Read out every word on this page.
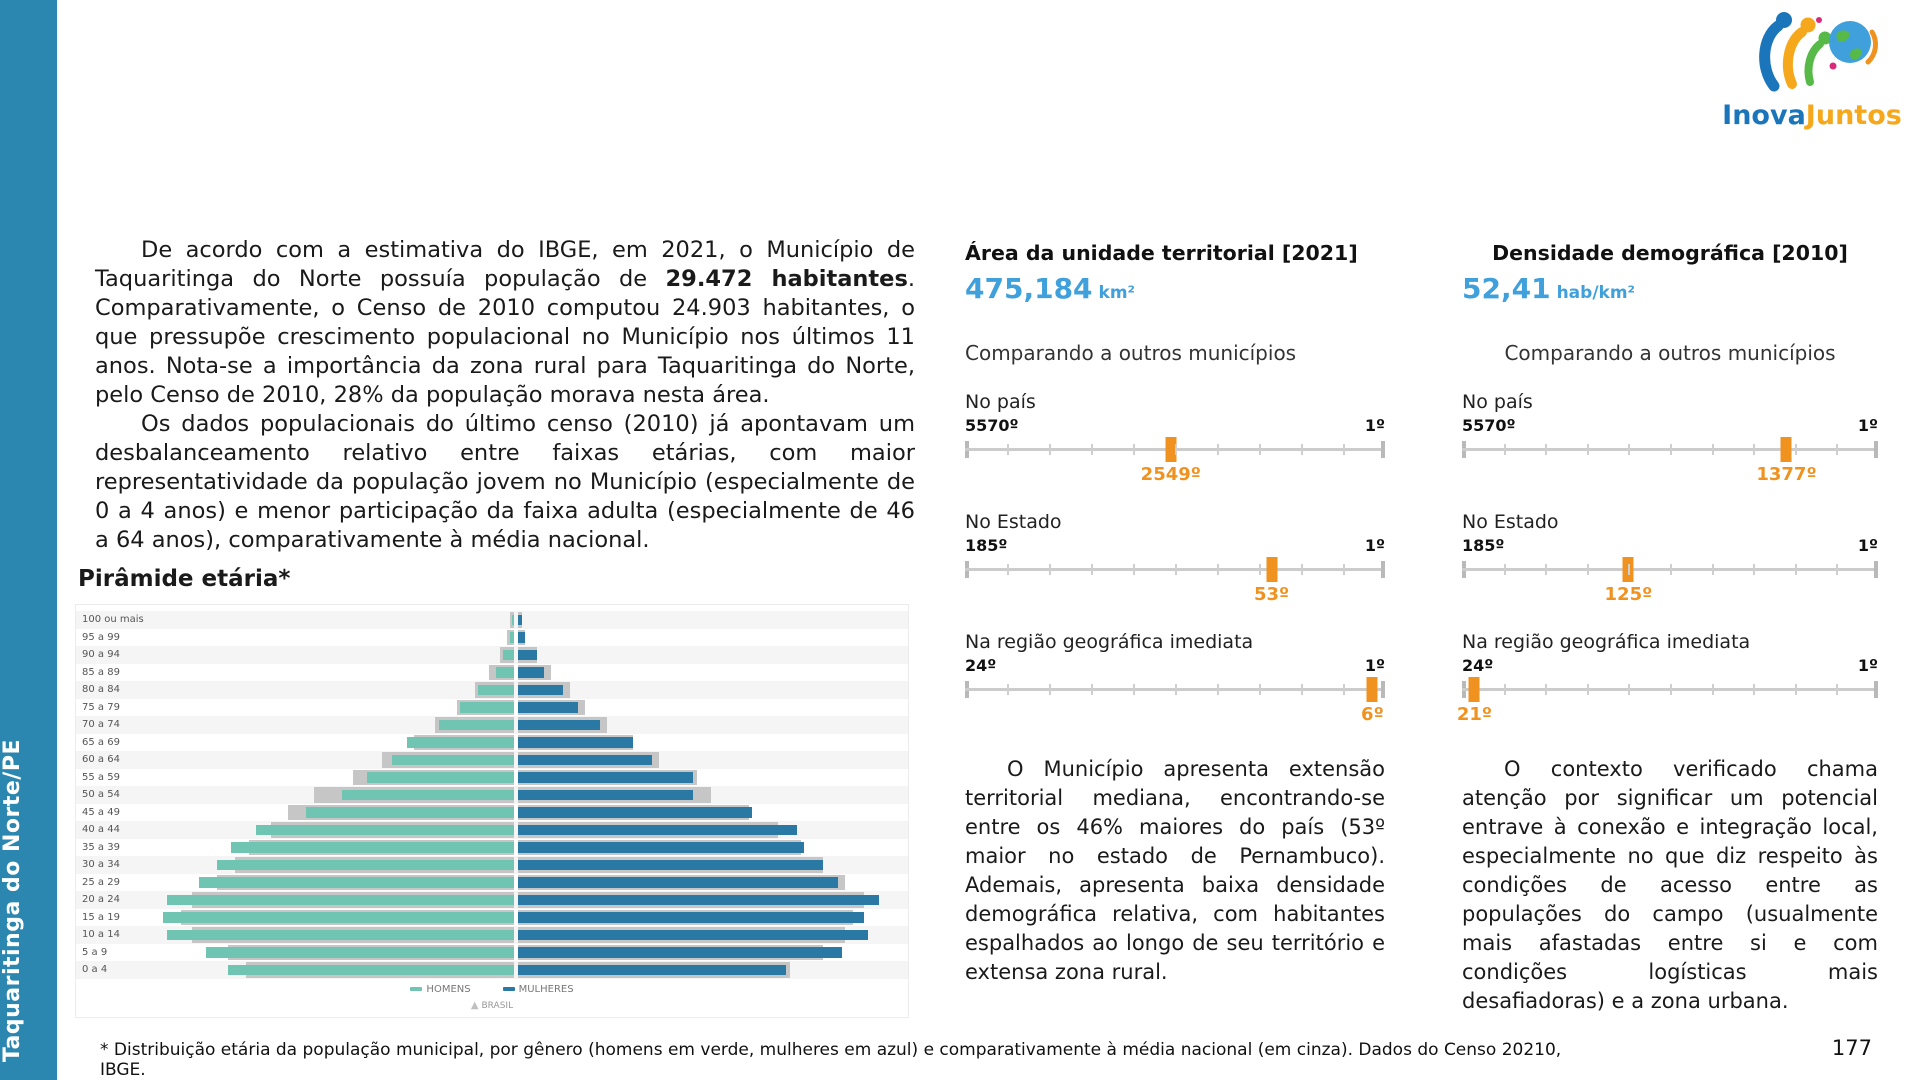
Taquaritinga do Norte/PE
InovaJuntos

De acordo com a estimativa do IBGE, em 2021, o Município de Taquaritinga do Norte possuía população de 29.472 habitantes. Comparativamente, o Censo de 2010 computou 24.903 habitantes, o que pressupõe crescimento populacional no Município nos últimos 11 anos. Nota-se a importância da zona rural para Taquaritinga do Norte, pelo Censo de 2010, 28% da população morava nesta área.

Os dados populacionais do último censo (2010) já apontavam um desbalanceamento relativo entre faixas etárias, com maior representatividade da população jovem no Município (especialmente de 0 a 4 anos) e menor participação da faixa adulta (especialmente de 46 a 64 anos), comparativamente à média nacional.

Pirâmide etária*
HOMENS	MULHERES
▲ BRASIL
100 ou mais
95 a 99
90 a 94
85 a 89
80 a 84
75 a 79
70 a 74
65 a 69
60 a 64
55 a 59
50 a 54
45 a 49
40 a 44
35 a 39
30 a 34
25 a 29
20 a 24
15 a 19
10 a 14
5 a 9
0 a 4
Área da unidade territorial [2021]
475,184 km²
Comparando a outros municípios
No país
5570º	1º
2549º
No Estado
185º	1º
53º
Na região geográfica imediata
24º	1º
6º

O Município apresenta extensão territorial mediana, encontrando-se entre os 46% maiores do país (53º maior no estado de Pernambuco). Ademais, apresenta baixa densidade demográfica relativa, com habitantes espalhados ao longo de seu território e extensa zona rural.

Densidade demográfica [2010]
52,41 hab/km²
Comparando a outros municípios
No país
5570º	1º
1377º
No Estado
185º	1º
125º
Na região geográfica imediata
24º	1º
21º

O contexto verificado chama atenção por significar um potencial entrave à conexão e integração local, especialmente no que diz respeito às condições de acesso entre as populações do campo (usualmente mais afastadas entre si e com condições logísticas mais desafiadoras) e a zona urbana.

* Distribuição etária da população municipal, por gênero (homens em verde, mulheres em azul) e comparativamente à média nacional (em cinza). Dados do Censo 20210, IBGE.
177
